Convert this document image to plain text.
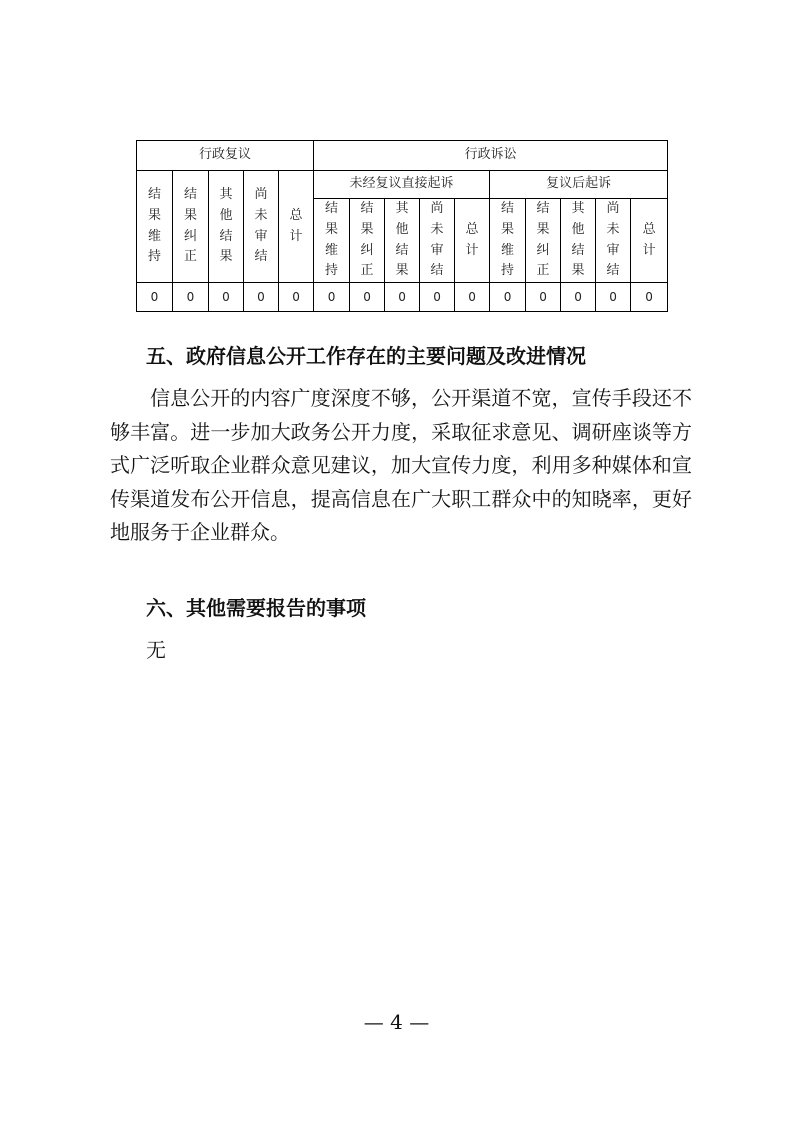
行政复议					行政诉讼									
结果维持	结果纠正	其他结果	尚未审结	总计	未经复议直接起诉					复议后起诉				
					结果维持	结果纠正	其他结果	尚未审结	总计	结果维持	结果纠正	其他结果	尚未审结	总计
0	0	0	0	0	0	0	0	0	0	0	0	0	0	0
五、政府信息公开工作存在的主要问题及改进情况

信息公开的内容广度深度不够，公开渠道不宽，宣传手段还不够丰富。进一步加大政务公开力度，采取征求意见、调研座谈等方式广泛听取企业群众意见建议，加大宣传力度，利用多种媒体和宣传渠道发布公开信息，提高信息在广大职工群众中的知晓率，更好地服务于企业群众。

六、其他需要报告的事项

无

— 4 —
